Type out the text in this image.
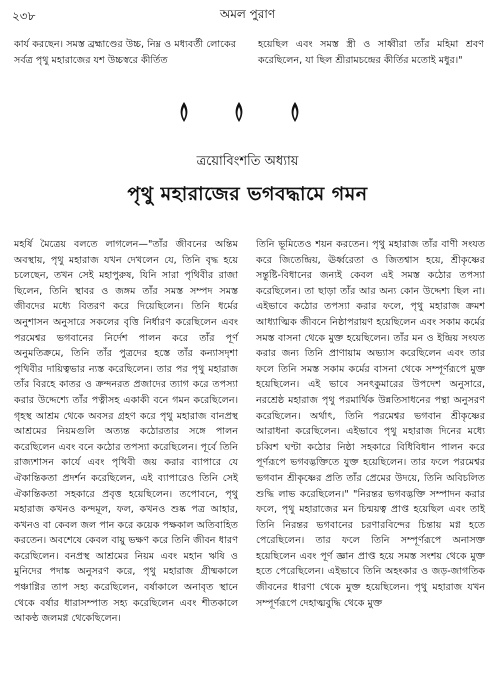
২৩৮	অমল পুরাণ

কার্য করছেন। সমস্ত ব্রহ্মাণ্ডের উচ্চ, নিম্ন ও মধ্যবর্তী লোকের সর্বত্র পৃথু মহারাজের যশ উচ্চস্বরে কীর্তিত

হয়েছিল এবং সমস্ত স্ত্রী ও সাধ্বীরা তাঁর মহিমা শ্রবণ করেছিলেন, যা ছিল শ্রীরামচন্দ্রের কীর্তির মতোই মধুর।"

ত্রয়োবিংশতি অধ্যায়
পৃথু মহারাজের ভগবদ্ধামে গমন

মহর্ষি মৈত্রেয় বলতে লাগলেন—"তাঁর জীবনের অন্তিম অবস্থায়, পৃথু মহারাজ যখন দেখলেন যে, তিনি বৃদ্ধ হয়ে চলেছেন, তখন সেই মহাপুরুষ, যিনি সারা পৃথিবীর রাজা ছিলেন, তিনি স্থাবর ও জঙ্গম তাঁর সমস্ত সম্পদ সমস্ত জীবদের মধ্যে বিতরণ করে দিয়েছিলেন। তিনি ধর্মের অনুশাসন অনুসারে সকলের বৃত্তি নির্ধারণ করেছিলেন এবং পরমেশ্বর ভগবানের নির্দেশ পালন করে তাঁর পূর্ণ অনুমতিক্রমে, তিনি তাঁর পুত্রদের হস্তে তাঁর কন্যাসদৃশা পৃথিবীর দায়িত্বভার ন্যস্ত করেছিলেন। তার পর পৃথু মহারাজ তাঁর বিরহে কাতর ও ক্রন্দনরত প্রজাদের ত্যাগ করে তপস্যা করার উদ্দেশ্যে তাঁর পত্নীসহ একাকী বনে গমন করেছিলেন। গৃহস্থ আশ্রম থেকে অবসর গ্রহণ করে পৃথু মহারাজ বানপ্রস্থ আশ্রমের নিয়মগুলি অত্যন্ত কঠোরতার সঙ্গে পালন করেছিলেন এবং বনে কঠোর তপস্যা করেছিলেন। পূর্বে তিনি রাজ্যশাসন কার্যে এবং পৃথিবী জয় করার ব্যাপারে যে ঐকান্তিকতা প্রদর্শন করেছিলেন, এই ব্যাপারেও তিনি সেই ঐকান্তিকতা সহকারে প্রবৃত্ত হয়েছিলেন। তপোবনে, পৃথু মহারাজ কখনও কন্দমূল, ফল, কখনও শুষ্ক পত্র আহার, কখনও বা কেবল জল পান করে কয়েক পক্ষকাল অতিবাহিত করতেন। অবশেষে কেবল বায়ু ভক্ষণ করে তিনি জীবন ধারণ করেছিলেন। বনপ্রস্থ আশ্রমের নিয়ম এবং মহান ঋষি ও মুনিদের পদাঙ্ক অনুসরণ করে, পৃথু মহারাজ গ্রীষ্মকালে পঞ্চাগ্নির তাপ সহ্য করেছিলেন, বর্ষাকালে অনাবৃত স্থানে থেকে বর্ষার ধারাসম্পাত সহ্য করেছিলেন এবং শীতকালে আকণ্ঠ জলমগ্ন থেকেছিলেন।

তিনি ভূমিতেও শয়ন করতেন। পৃথু মহারাজ তাঁর বাণী সংযত করে জিতেন্দ্রিয়, ঊর্ধ্বরেতা ও জিতশ্বাস হয়ে, শ্রীকৃষ্ণের সন্তুষ্টি-বিধানের জন্যই কেবল এই সমস্ত কঠোর তপস্যা করেছিলেন। তা ছাড়া তাঁর আর অন্য কোন উদ্দেশ্য ছিল না। এইভাবে কঠোর তপস্যা করার ফলে, পৃথু মহারাজ ক্রমশ আধ্যাত্মিক জীবনে নিষ্ঠাপরায়ণ হয়েছিলেন এবং সকাম কর্মের সমস্ত বাসনা থেকে মুক্ত হয়েছিলেন। তাঁর মন ও ইন্দ্রিয় সংযত করার জন্য তিনি প্রাণায়াম অভ্যাস করেছিলেন এবং তার ফলে তিনি সমস্ত সকাম কর্মের বাসনা থেকে সম্পূর্ণরূপে মুক্ত হয়েছিলেন। এই ভাবে সনৎকুমারের উপদেশ অনুসারে, নরশ্রেষ্ঠ মহারাজ পৃথু পরমার্থিক উন্নতিসাধনের পন্থা অনুসরণ করেছিলেন। অর্থাৎ, তিনি পরমেশ্বর ভগবান শ্রীকৃষ্ণের আরাধনা করেছিলেন। এইভাবে পৃথু মহারাজ দিনের মধ্যে চব্বিশ ঘণ্টা কঠোর নিষ্ঠা সহকারে বিধিবিধান পালন করে পূর্ণরূপে ভগবদ্ভক্তিতে যুক্ত হয়েছিলেন। তার ফলে পরমেশ্বর ভগবান শ্রীকৃষ্ণের প্রতি তাঁর প্রেমের উদয়ে, তিনি অবিচলিত শুদ্ধি লাভ করেছিলেন।" "নিরন্তর ভগবদ্ভক্তি সম্পাদন করার ফলে, পৃথু মহারাজের মন চিন্ময়ত্ব প্রাপ্ত হয়েছিল এবং তাই তিনি নিরন্তর ভগবানের চরণারবিন্দের চিন্তায় মগ্ন হতে পেরেছিলেন। তার ফলে তিনি সম্পূর্ণরূপে অনাসক্ত হয়েছিলেন এবং পূর্ণ জ্ঞান প্রাপ্ত হয়ে সমস্ত সংশয় থেকে মুক্ত হতে পেরেছিলেন। এইভাবে তিনি অহংকার ও জড়-জাগতিক জীবনের ধারণা থেকে মুক্ত হয়েছিলেন। পৃথু মহারাজ যখন সম্পূর্ণরূপে দেহাত্মবুদ্ধি থেকে মুক্ত
